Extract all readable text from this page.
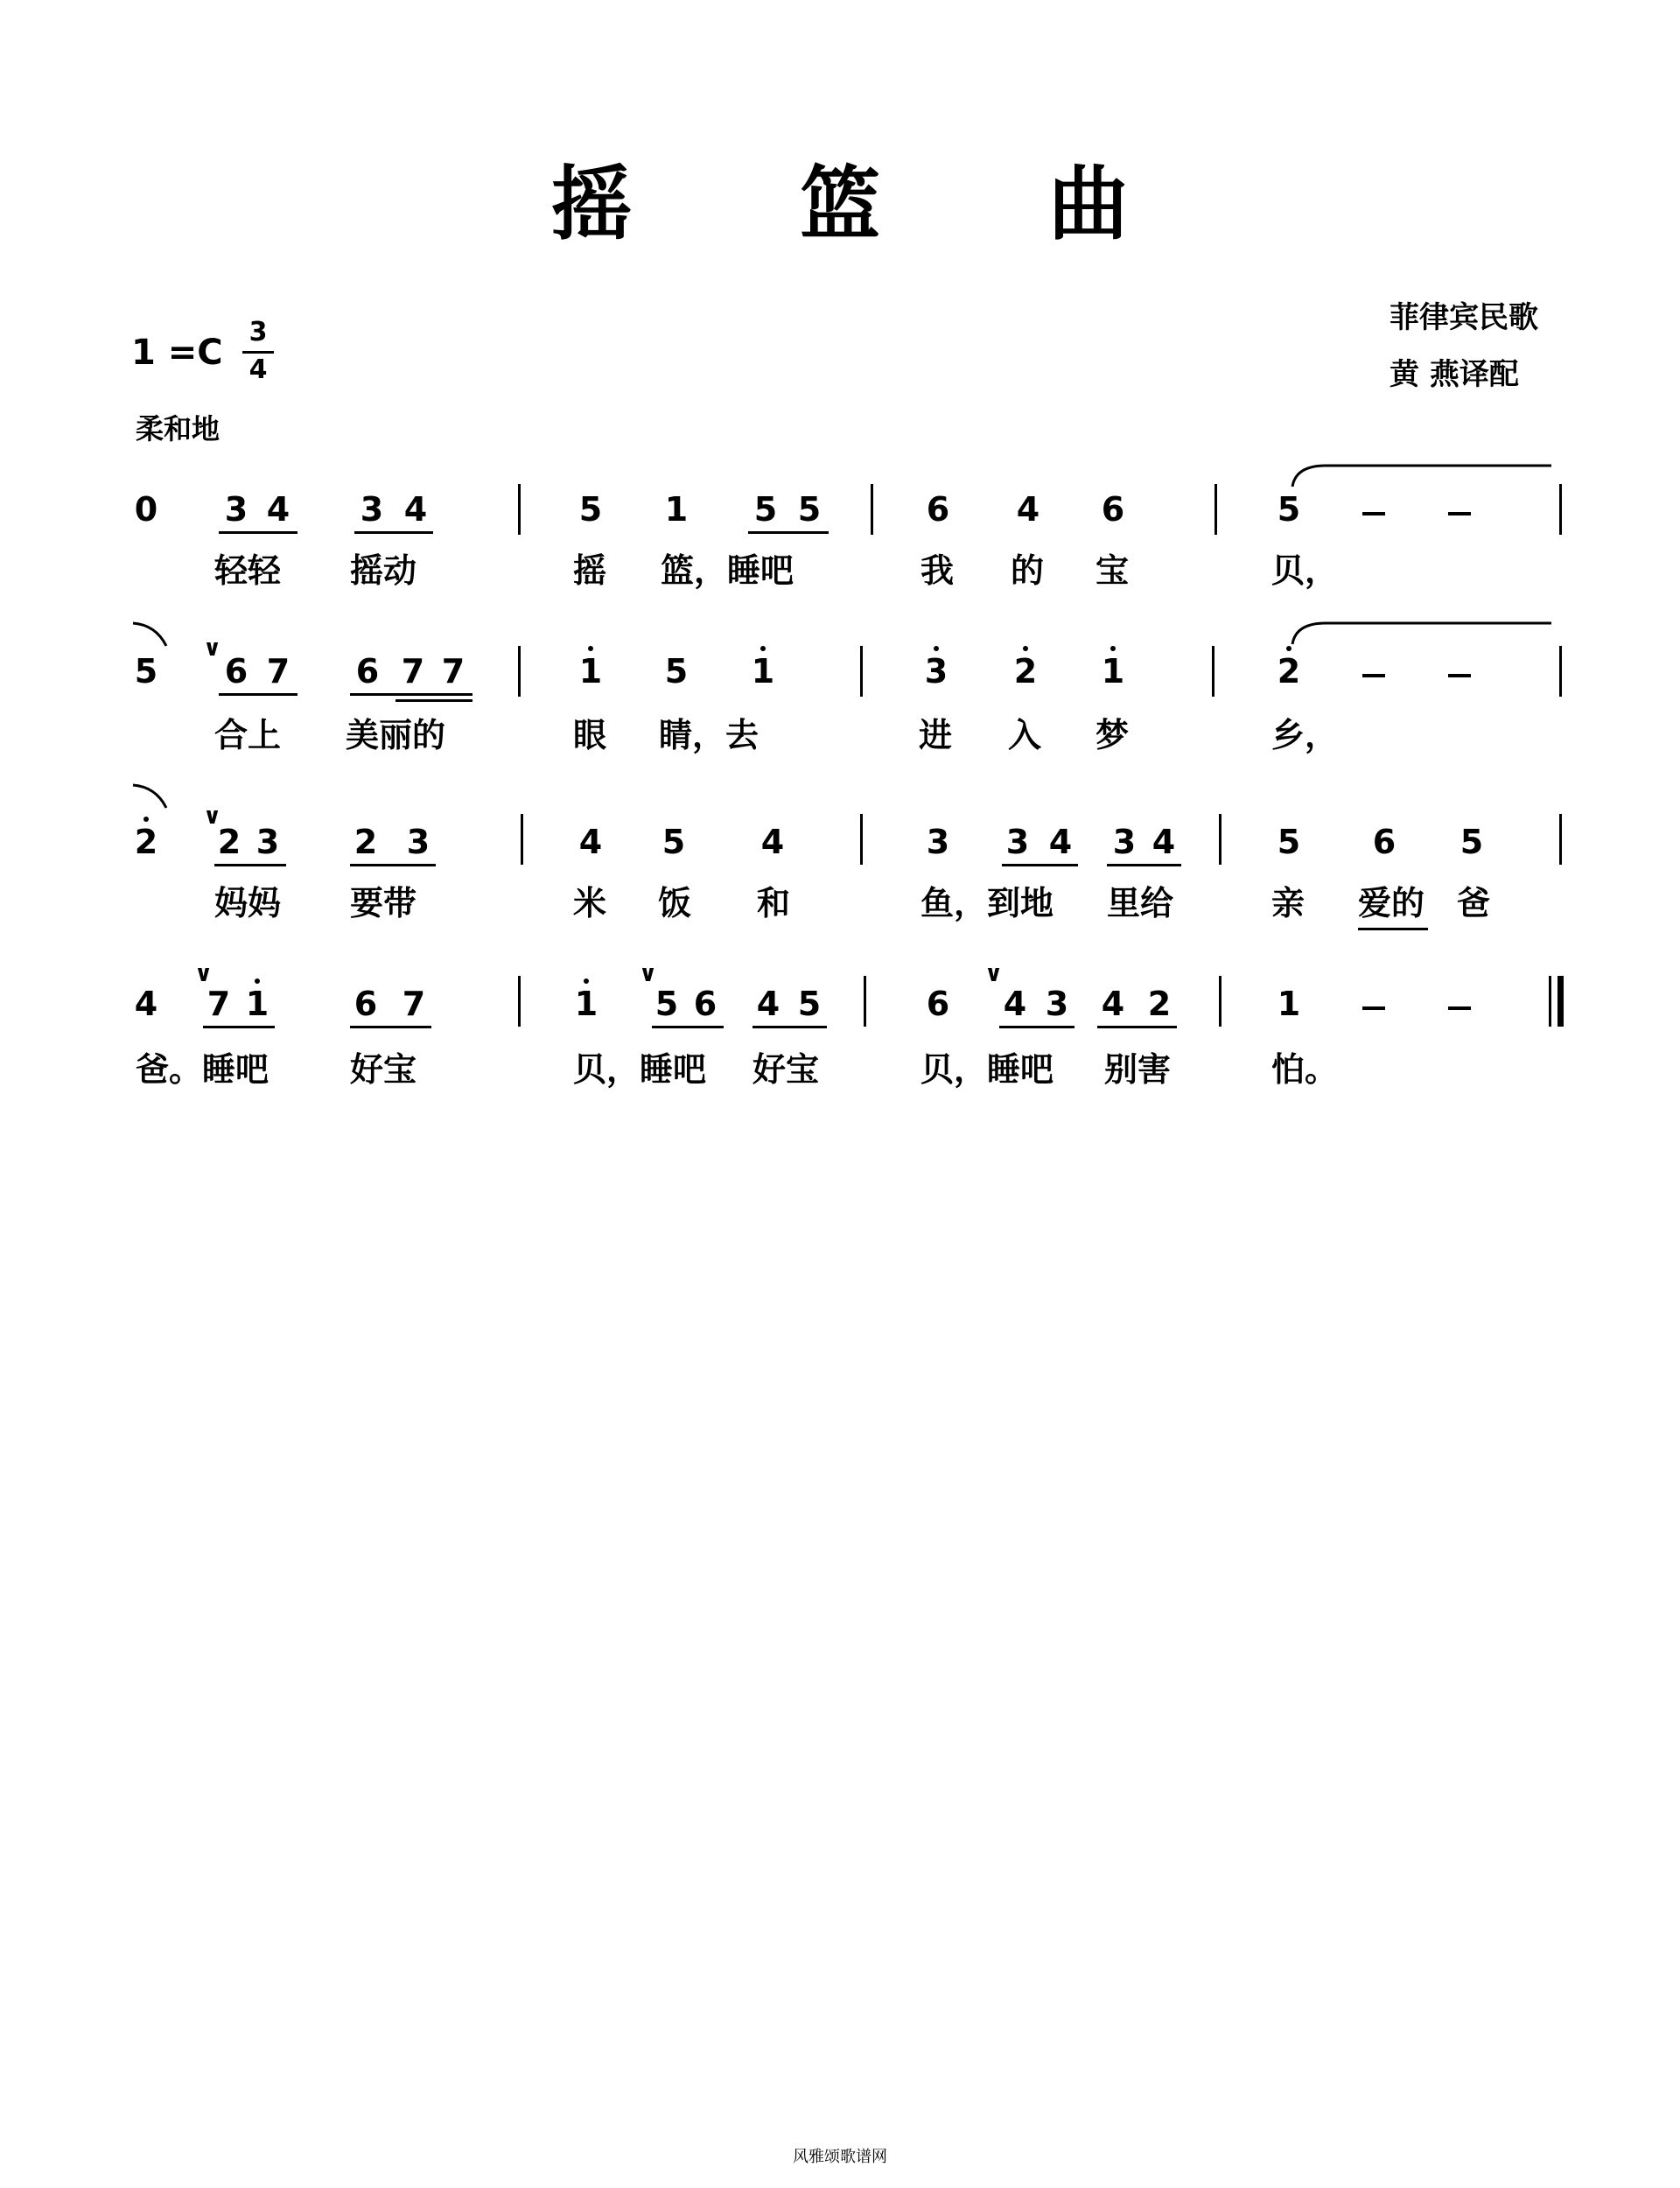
摇 篮 曲
菲律宾民歌
黄 燕译配
1 =C
3
4
柔和地
0 3 4 3 4	5 1 5 5	6 4 6	5
轻轻 摇动	摇 篮，睡吧	我 的 宝	贝，
5
∨
6 7 6 7 7	1 5 1	3 2 1	2
合上 美丽的	眼 睛，去	进 入 梦	乡，
2
∨
2 3 2 3	4 5 4	3 3 4 3 4	5 6 5
妈妈 要带	米 饭 和	鱼，到地 里给	亲 爱的 爸
4
∨
7 1	6 7	1
∨
5 6 4 5	6
∨
4 3 4 2	1
爸。睡吧 好宝	贝，睡吧 好宝	贝，睡吧 别害	怕。
风雅颂歌谱网
